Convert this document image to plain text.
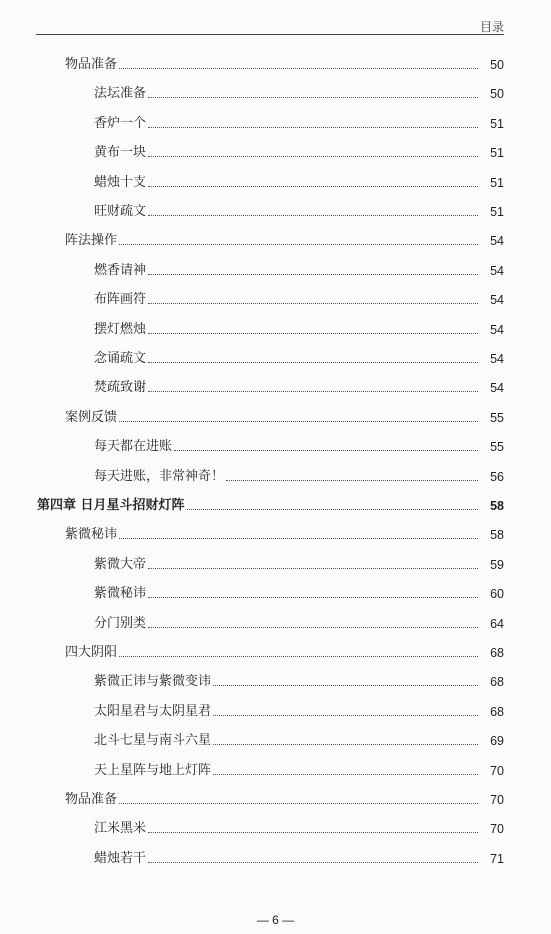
目录
物品准备	50
法坛准备	50
香炉一个	51
黄布一块	51
蜡烛十支	51
旺财疏文	51
阵法操作	54
燃香请神	54
布阵画符	54
摆灯燃烛	54
念诵疏文	54
焚疏致谢	54
案例反馈	55
每天都在进账	55
每天进账，非常神奇！	56
第四章 日月星斗招财灯阵	58
紫微秘讳	58
紫微大帝	59
紫微秘讳	60
分门别类	64
四大阴阳	68
紫微正讳与紫微变讳	68
太阳星君与太阴星君	68
北斗七星与南斗六星	69
天上星阵与地上灯阵	70
物品准备	70
江米黑米	70
蜡烛若干	71
— 6 —
